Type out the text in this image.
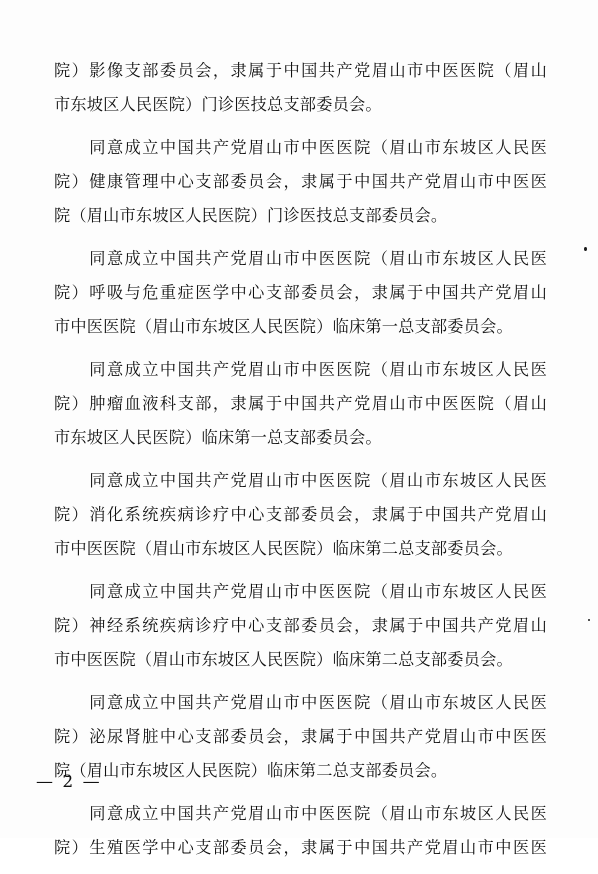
院）影像支部委员会，隶属于中国共产党眉山市中医医院（眉山
市东坡区人民医院）门诊医技总支部委员会。

　　同意成立中国共产党眉山市中医医院（眉山市东坡区人民医
院）健康管理中心支部委员会，隶属于中国共产党眉山市中医医
院（眉山市东坡区人民医院）门诊医技总支部委员会。

　　同意成立中国共产党眉山市中医医院（眉山市东坡区人民医
院）呼吸与危重症医学中心支部委员会，隶属于中国共产党眉山
市中医医院（眉山市东坡区人民医院）临床第一总支部委员会。

　　同意成立中国共产党眉山市中医医院（眉山市东坡区人民医
院）肿瘤血液科支部，隶属于中国共产党眉山市中医医院（眉山
市东坡区人民医院）临床第一总支部委员会。

　　同意成立中国共产党眉山市中医医院（眉山市东坡区人民医
院）消化系统疾病诊疗中心支部委员会，隶属于中国共产党眉山
市中医医院（眉山市东坡区人民医院）临床第二总支部委员会。

　　同意成立中国共产党眉山市中医医院（眉山市东坡区人民医
院）神经系统疾病诊疗中心支部委员会，隶属于中国共产党眉山
市中医医院（眉山市东坡区人民医院）临床第二总支部委员会。

　　同意成立中国共产党眉山市中医医院（眉山市东坡区人民医
院）泌尿肾脏中心支部委员会，隶属于中国共产党眉山市中医医
院（眉山市东坡区人民医院）临床第二总支部委员会。

　　同意成立中国共产党眉山市中医医院（眉山市东坡区人民医
院）生殖医学中心支部委员会，隶属于中国共产党眉山市中医医

— 2 —
